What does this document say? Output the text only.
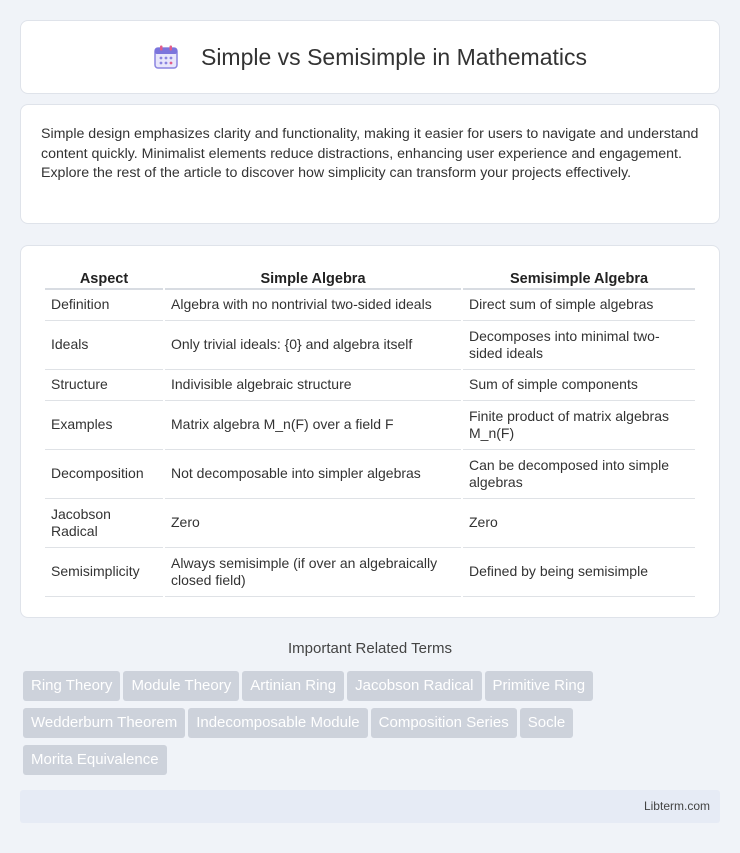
Simple vs Semisimple in Mathematics

Simple design emphasizes clarity and functionality, making it easier for users to navigate and understand content quickly. Minimalist elements reduce distractions, enhancing user experience and engagement. Explore the rest of the article to discover how simplicity can transform your projects effectively.

Aspect	Simple Algebra	Semisimple Algebra
Definition	Algebra with no nontrivial two-sided ideals	Direct sum of simple algebras
Ideals	Only trivial ideals: {0} and algebra itself	Decomposes into minimal two-sided ideals
Structure	Indivisible algebraic structure	Sum of simple components
Examples	Matrix algebra M_n(F) over a field F	Finite product of matrix algebras M_n(F)
Decomposition	Not decomposable into simpler algebras	Can be decomposed into simple algebras
Jacobson Radical	Zero	Zero
Semisimplicity	Always semisimple (if over an algebraically closed field)	Defined by being semisimple
Important Related Terms
Ring Theory Module Theory Artinian Ring Jacobson Radical Primitive Ring
Wedderburn Theorem Indecomposable Module Composition Series Socle
Morita Equivalence
Libterm.com
